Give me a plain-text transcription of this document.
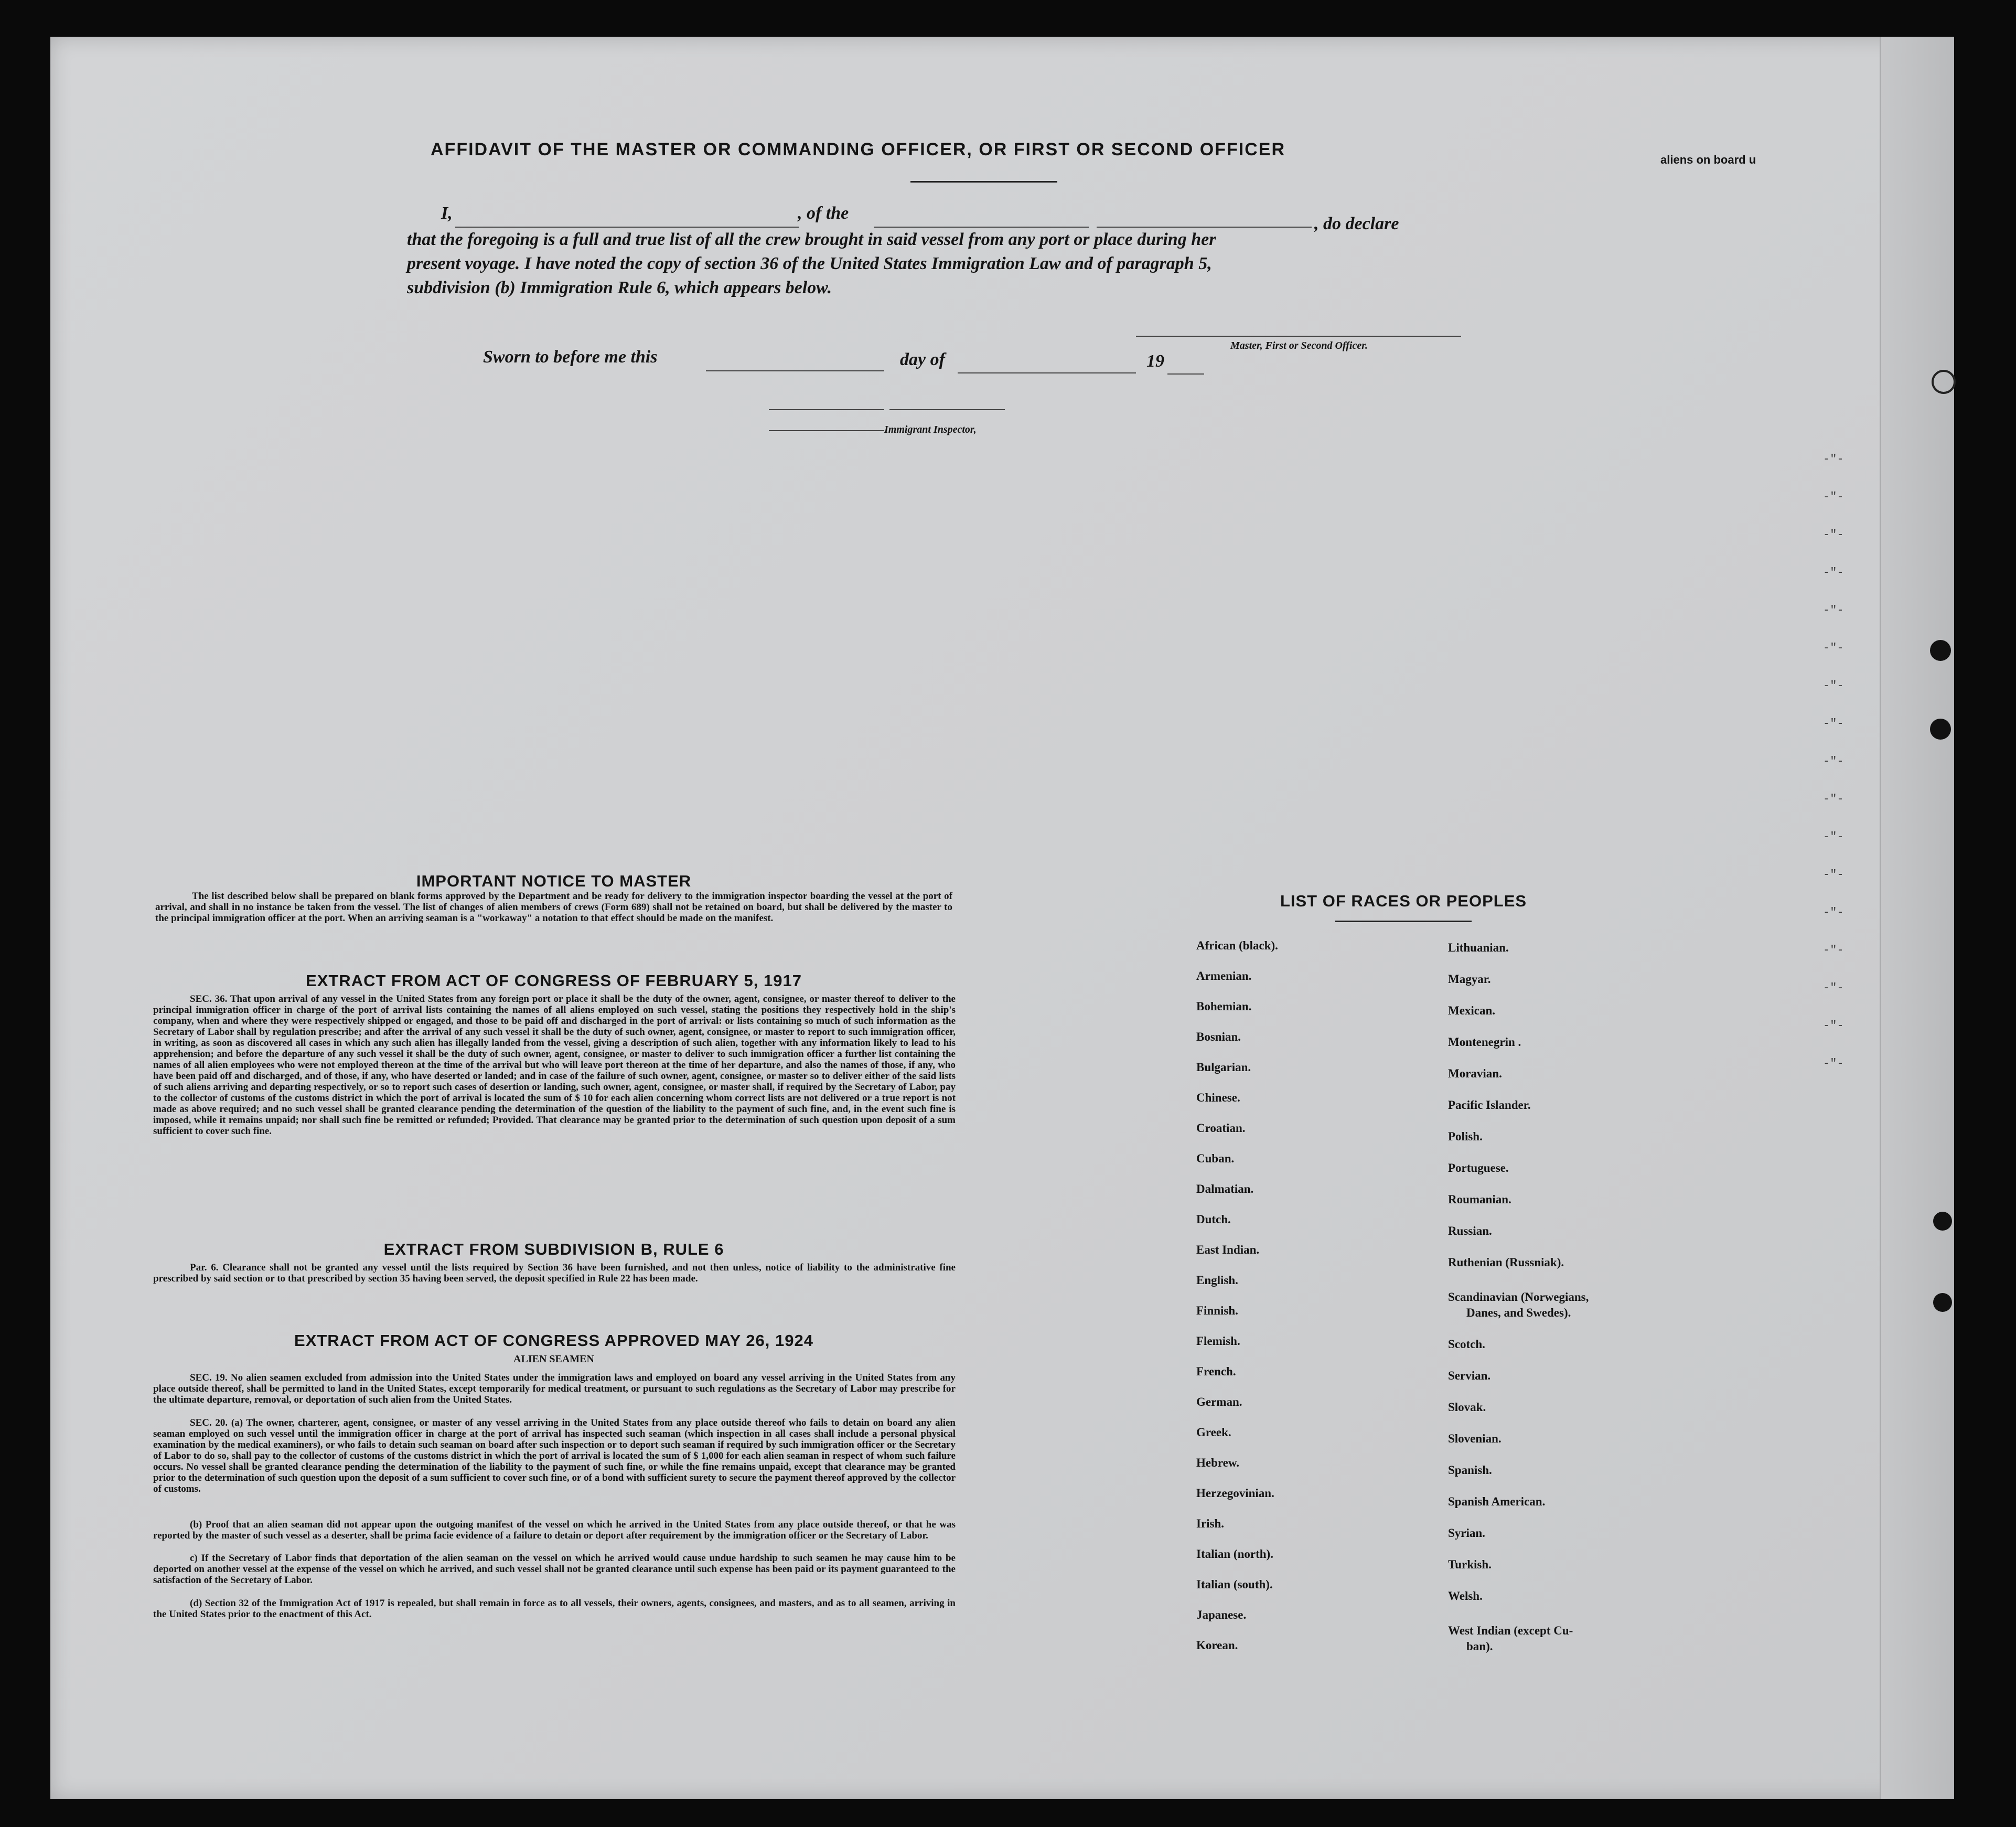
-"-
-"-
-"-
-"-
-"-
-"-
-"-
-"-
-"-
-"-
-"-
-"-
-"-
-"-
-"-
-"-
-"-
AFFIDAVIT OF THE MASTER OR COMMANDING OFFICER, OR FIRST OR SECOND OFFICER
aliens on board u
I,	, of the
, do declare
that the foregoing is a full and true list of all the crew brought in said vessel from any port or place during her
present voyage. I have noted the copy of section 36 of the United States Immigration Law and of paragraph 5,
subdivision (b) Immigration Rule 6, which appears below.
Master, First or Second Officer.
Sworn to before me this	day of	19
Immigrant Inspector,
IMPORTANT NOTICE TO MASTER
The list described below shall be prepared on blank forms approved by the Department and be ready for delivery to the immigration inspector boarding the vessel at the port of arrival, and shall in no instance be taken from the vessel. The list of changes of alien members of crews (Form 689) shall not be retained on board, but shall be delivered by the master to the principal immigration officer at the port. When an arriving seaman is a "workaway" a notation to that effect should be made on the manifest.
EXTRACT FROM ACT OF CONGRESS OF FEBRUARY 5, 1917
SEC. 36. That upon arrival of any vessel in the United States from any foreign port or place it shall be the duty of the owner, agent, consignee, or master thereof to deliver to the principal immigration officer in charge of the port of arrival lists containing the names of all aliens employed on such vessel, stating the positions they respectively hold in the ship's company, when and where they were respectively shipped or engaged, and those to be paid off and discharged in the port of arrival: or lists containing so much of such information as the Secretary of Labor shall by regulation prescribe; and after the arrival of any such vessel it shall be the duty of such owner, agent, consignee, or master to report to such immigration officer, in writing, as soon as discovered all cases in which any such alien has illegally landed from the vessel, giving a description of such alien, together with any information likely to lead to his apprehension; and before the departure of any such vessel it shall be the duty of such owner, agent, consignee, or master to deliver to such immigration officer a further list containing the names of all alien employees who were not employed thereon at the time of the arrival but who will leave port thereon at the time of her departure, and also the names of those, if any, who have been paid off and discharged, and of those, if any, who have deserted or landed; and in case of the failure of such owner, agent, consignee, or master so to deliver either of the said lists of such aliens arriving and departing respectively, or so to report such cases of desertion or landing, such owner, agent, consignee, or master shall, if required by the Secretary of Labor, pay to the collector of customs of the customs district in which the port of arrival is located the sum of $ 10 for each alien concerning whom correct lists are not delivered or a true report is not made as above required; and no such vessel shall be granted clearance pending the determination of the question of the liability to the payment of such fine, and, in the event such fine is imposed, while it remains unpaid; nor shall such fine be remitted or refunded; Provided. That clearance may be granted prior to the determination of such question upon deposit of a sum sufficient to cover such fine.
EXTRACT FROM SUBDIVISION B, RULE 6
Par. 6. Clearance shall not be granted any vessel until the lists required by Section 36 have been furnished, and not then unless, notice of liability to the administrative fine prescribed by said section or to that prescribed by section 35 having been served, the deposit specified in Rule 22 has been made.
EXTRACT FROM ACT OF CONGRESS APPROVED MAY 26, 1924
ALIEN SEAMEN
SEC. 19. No alien seamen excluded from admission into the United States under the immigration laws and employed on board any vessel arriving in the United States from any place outside thereof, shall be permitted to land in the United States, except temporarily for medical treatment, or pursuant to such regulations as the Secretary of Labor may prescribe for the ultimate departure, removal, or deportation of such alien from the United States.
SEC. 20. (a) The owner, charterer, agent, consignee, or master of any vessel arriving in the United States from any place outside thereof who fails to detain on board any alien seaman employed on such vessel until the immigration officer in charge at the port of arrival has inspected such seaman (which inspection in all cases shall include a personal physical examination by the medical examiners), or who fails to detain such seaman on board after such inspection or to deport such seaman if required by such immigration officer or the Secretary of Labor to do so, shall pay to the collector of customs of the customs district in which the port of arrival is located the sum of $ 1,000 for each alien seaman in respect of whom such failure occurs. No vessel shall be granted clearance pending the determination of the liability to the payment of such fine, or while the fine remains unpaid, except that clearance may be granted prior to the determination of such question upon the deposit of a sum sufficient to cover such fine, or of a bond with sufficient surety to secure the payment thereof approved by the collector of customs.
(b) Proof that an alien seaman did not appear upon the outgoing manifest of the vessel on which he arrived in the United States from any place outside thereof, or that he was reported by the master of such vessel as a deserter, shall be prima facie evidence of a failure to detain or deport after requirement by the immigration officer or the Secretary of Labor.
c) If the Secretary of Labor finds that deportation of the alien seaman on the vessel on which he arrived would cause undue hardship to such seamen he may cause him to be deported on another vessel at the expense of the vessel on which he arrived, and such vessel shall not be granted clearance until such expense has been paid or its payment guaranteed to the satisfaction of the Secretary of Labor.
(d) Section 32 of the Immigration Act of 1917 is repealed, but shall remain in force as to all vessels, their owners, agents, consignees, and masters, and as to all seamen, arriving in the United States prior to the enactment of this Act.
LIST OF RACES OR PEOPLES
African (black).
Armenian.
Bohemian.
Bosnian.
Bulgarian.
Chinese.
Croatian.
Cuban.
Dalmatian.
Dutch.
East Indian.
English.
Finnish.
Flemish.
French.
German.
Greek.
Hebrew.
Herzegovinian.
Irish.
Italian (north).
Italian (south).
Japanese.
Korean.
Lithuanian.
Magyar.
Mexican.
Montenegrin .
Moravian.
Pacific Islander.
Polish.
Portuguese.
Roumanian.
Russian.
Ruthenian (Russniak).
Scandinavian (Norwegians,
Danes, and Swedes).
Scotch.
Servian.
Slovak.
Slovenian.
Spanish.
Spanish American.
Syrian.
Turkish.
Welsh.
West Indian (except Cu-
ban).
